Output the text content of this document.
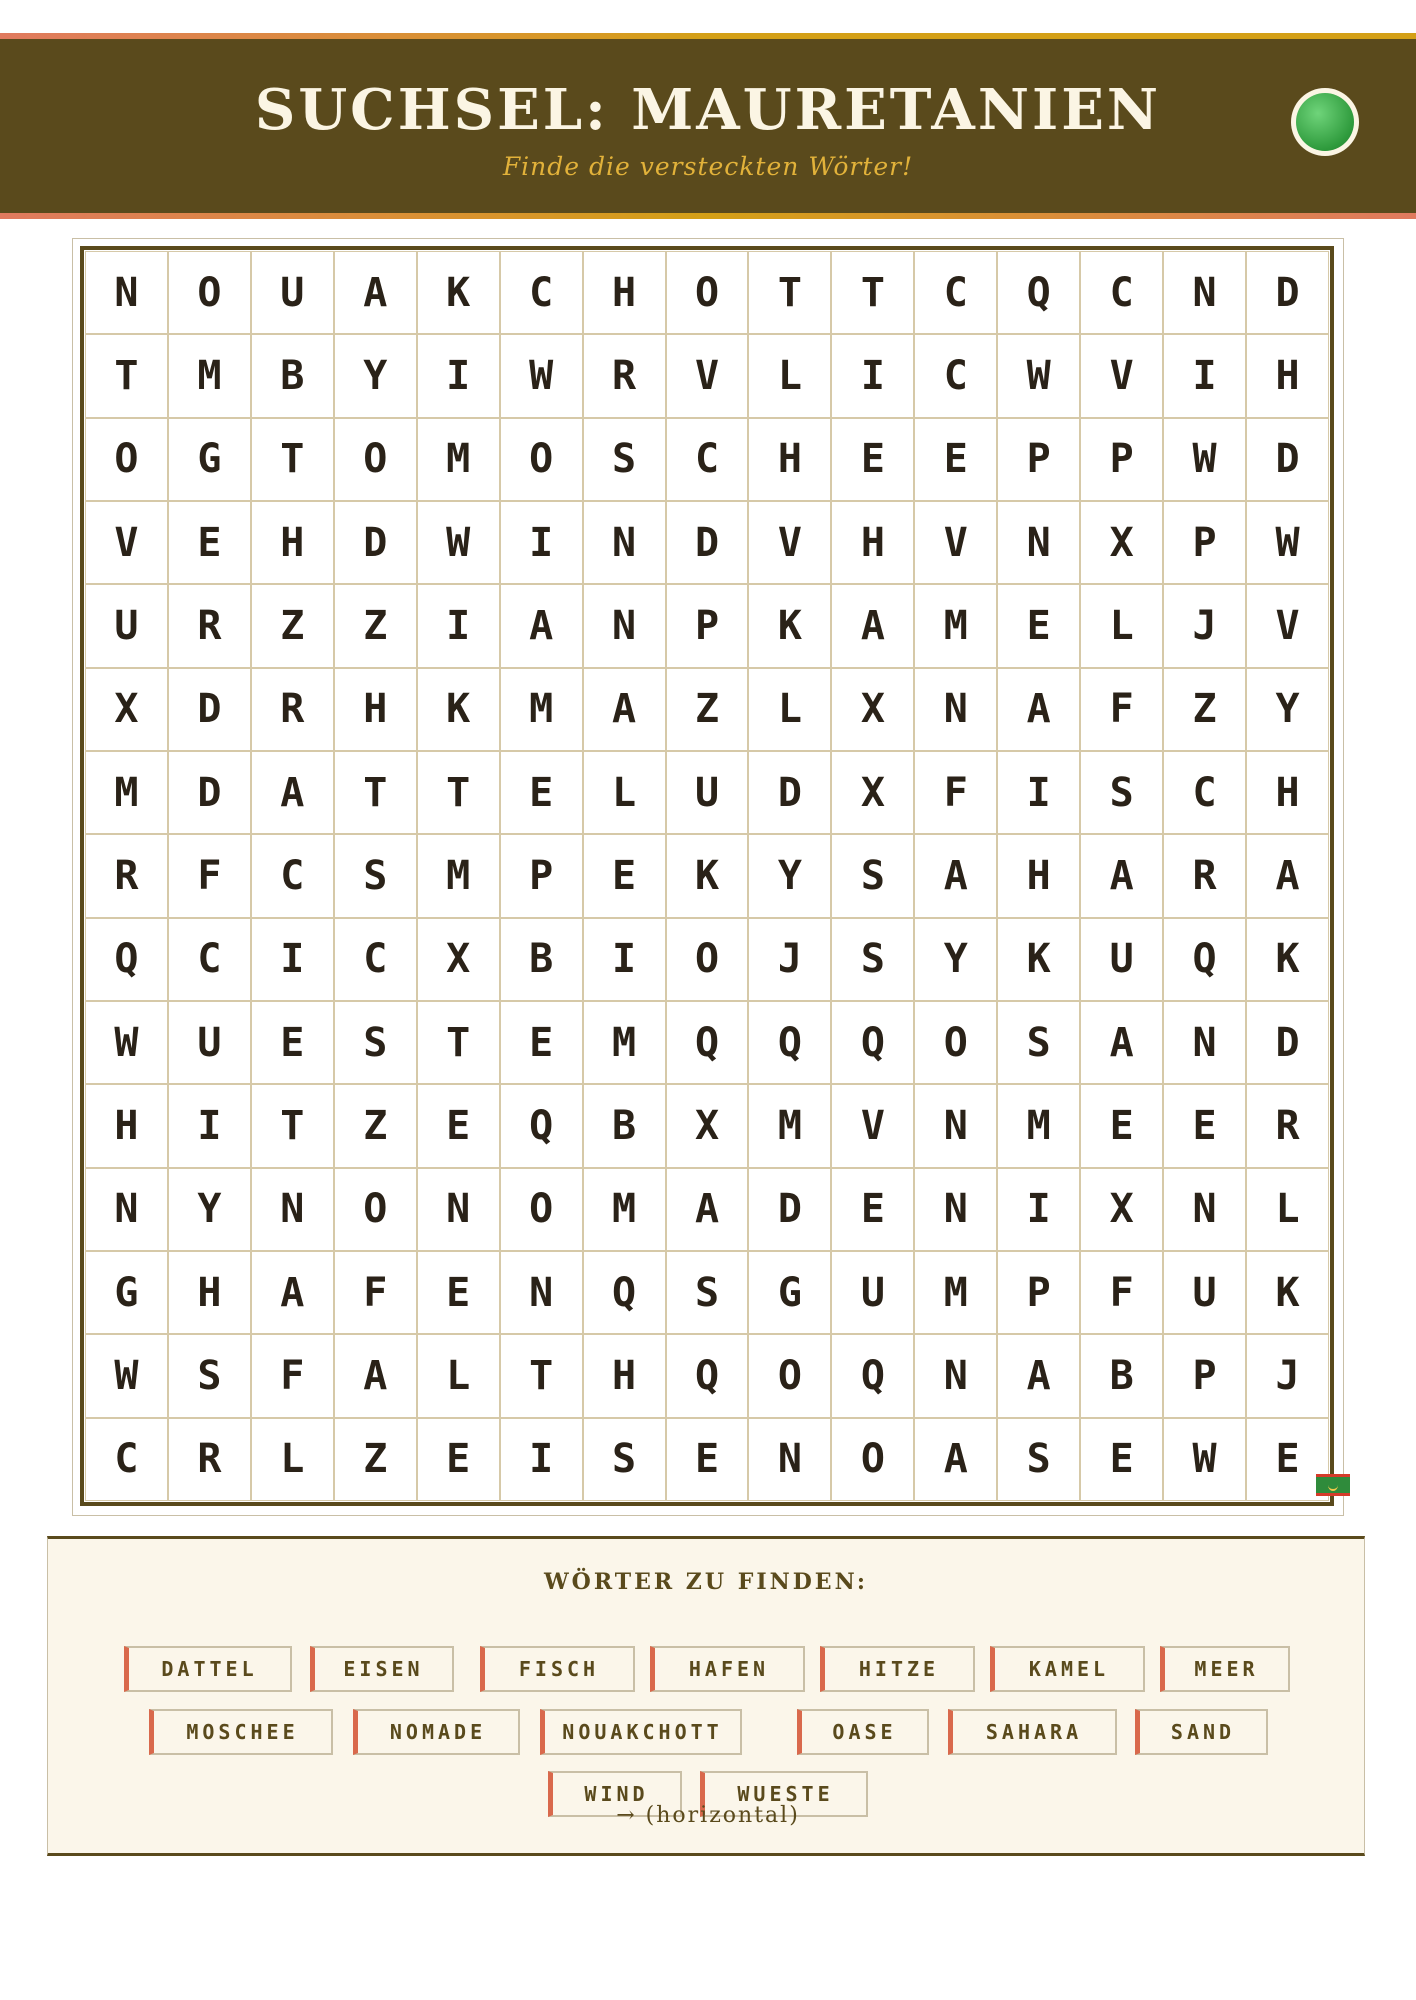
SUCHSEL: MAURETANIEN
Finde die versteckten Wörter!
N	O	U	A	K	C	H	O	T	T	C	Q	C	N	D
T	M	B	Y	I	W	R	V	L	I	C	W	V	I	H
O	G	T	O	M	O	S	C	H	E	E	P	P	W	D
V	E	H	D	W	I	N	D	V	H	V	N	X	P	W
U	R	Z	Z	I	A	N	P	K	A	M	E	L	J	V
X	D	R	H	K	M	A	Z	L	X	N	A	F	Z	Y
M	D	A	T	T	E	L	U	D	X	F	I	S	C	H
R	F	C	S	M	P	E	K	Y	S	A	H	A	R	A
Q	C	I	C	X	B	I	O	J	S	Y	K	U	Q	K
W	U	E	S	T	E	M	Q	Q	Q	O	S	A	N	D
H	I	T	Z	E	Q	B	X	M	V	N	M	E	E	R
N	Y	N	O	N	O	M	A	D	E	N	I	X	N	L
G	H	A	F	E	N	Q	S	G	U	M	P	F	U	K
W	S	F	A	L	T	H	Q	O	Q	N	A	B	P	J
C	R	L	Z	E	I	S	E	N	O	A	S	E	W	E
WÖRTER ZU FINDEN:
DATTEL	EISEN	FISCH	HAFEN	HITZE	KAMEL	MEER
MOSCHEE	NOMADE	NOUAKCHOTT	OASE	SAHARA	SAND
WIND	WUESTE
→ (horizontal)
